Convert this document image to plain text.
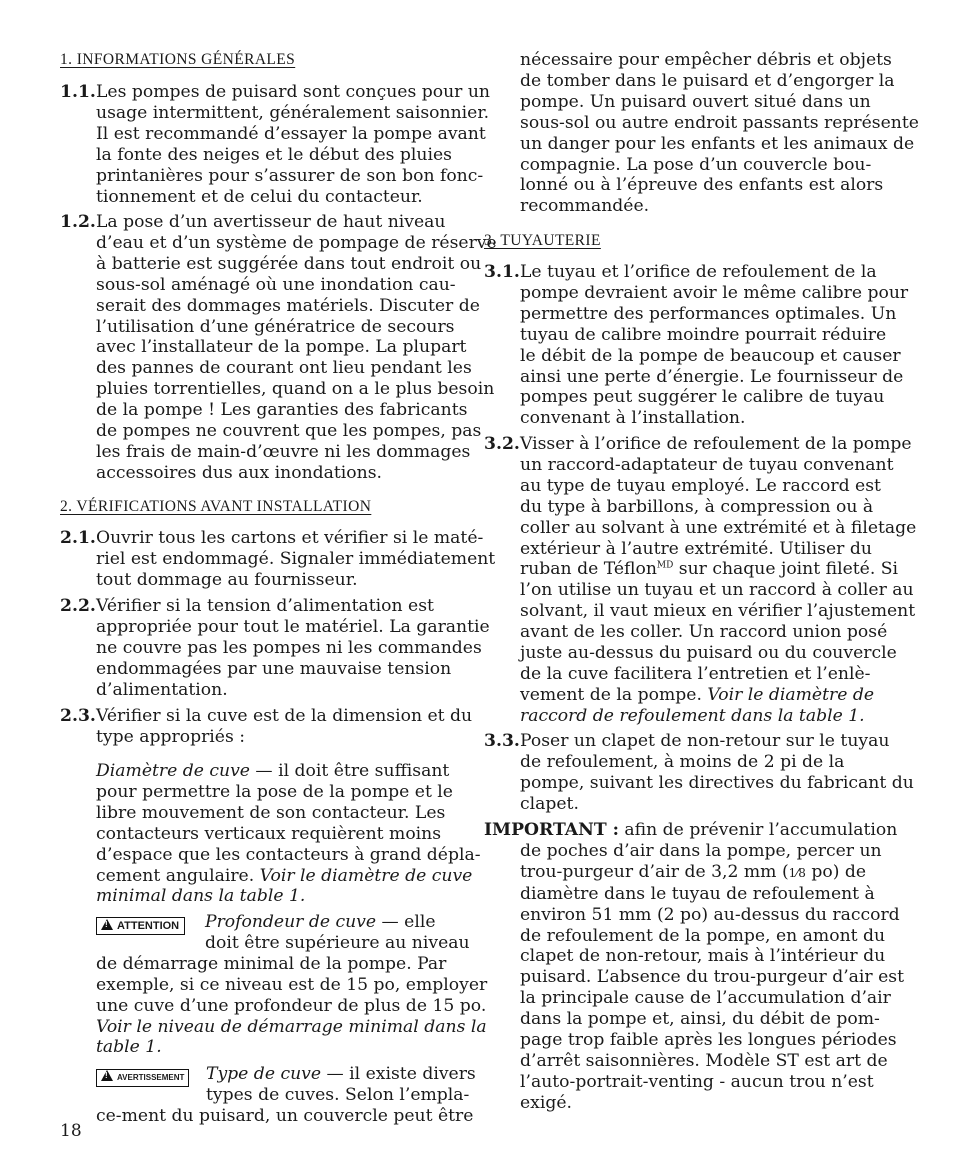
1. INFORMATIONS GÉNÉRALES
1.1. Les pompes de puisard sont conçues pour un
usage intermittent, généralement saisonnier.
Il est recommandé d’essayer la pompe avant
la fonte des neiges et le début des pluies
printanières pour s’assurer de son bon fonc-
tionnement et de celui du contacteur.
1.2. La pose d’un avertisseur de haut niveau
d’eau et d’un système de pompage de réserve
à batterie est suggérée dans tout endroit ou
sous-sol aménagé où une inondation cau-
serait des dommages matériels. Discuter de
l’utilisation d’une génératrice de secours
avec l’installateur de la pompe. La plupart
des pannes de courant ont lieu pendant les
pluies torrentielles, quand on a le plus besoin
de la pompe ! Les garanties des fabricants
de pompes ne couvrent que les pompes, pas
les frais de main-d’œuvre ni les dommages
accessoires dus aux inondations.
2. VÉRIFICATIONS AVANT INSTALLATION
2.1. Ouvrir tous les cartons et vérifier si le maté-
riel est endommagé. Signaler immédiatement
tout dommage au fournisseur.
2.2. Vérifier si la tension d’alimentation est
appropriée pour tout le matériel. La garantie
ne couvre pas les pompes ni les commandes
endommagées par une mauvaise tension
d’alimentation.
2.3. Vérifier si la cuve est de la dimension et du
type appropriés :
Diamètre de cuve — il doit être suffisant
pour permettre la pose de la pompe et le
libre mouvement de son contacteur. Les
contacteurs verticaux requièrent moins
d’espace que les contacteurs à grand dépla-
cement angulaire. Voir le diamètre de cuve
minimal dans la table 1.
!ATTENTION	Profondeur de cuve — elle
doit être supérieure au niveau
de démarrage minimal de la pompe. Par
exemple, si ce niveau est de 15 po, employer
une cuve d’une profondeur de plus de 15 po.
Voir le niveau de démarrage minimal dans la
table 1.
!AVERTISSEMENT Type de cuve — il existe divers
types de cuves. Selon l’empla-
ce-ment du puisard, un couvercle peut être
nécessaire pour empêcher débris et objets
de tomber dans le puisard et d’engorger la
pompe. Un puisard ouvert situé dans un
sous-sol ou autre endroit passants représente
un danger pour les enfants et les animaux de
compagnie. La pose d’un couvercle bou-
lonné ou à l’épreuve des enfants est alors
recommandée.
3. TUYAUTERIE
3.1. Le tuyau et l’orifice de refoulement de la
pompe devraient avoir le même calibre pour
permettre des performances optimales. Un
tuyau de calibre moindre pourrait réduire
le débit de la pompe de beaucoup et causer
ainsi une perte d’énergie. Le fournisseur de
pompes peut suggérer le calibre de tuyau
convenant à l’installation.
3.2. Visser à l’orifice de refoulement de la pompe
un raccord-adaptateur de tuyau convenant
au type de tuyau employé. Le raccord est
du type à barbillons, à compression ou à
coller au solvant à une extrémité et à filetage
extérieur à l’autre extrémité. Utiliser du
ruban de Téflon$^{MD}$ sur chaque joint fileté. Si
l’on utilise un tuyau et un raccord à coller au
solvant, il vaut mieux en vérifier l’ajustement
avant de les coller. Un raccord union posé
juste au-dessus du puisard ou du couvercle
de la cuve facilitera l’entretien et l’enlè-
vement de la pompe. Voir le diamètre de
raccord de refoulement dans la table 1.
3.3. Poser un clapet de non-retour sur le tuyau
de refoulement, à moins de 2 pi de la
pompe, suivant les directives du fabricant du
clapet.
IMPORTANT : afin de prévenir l’accumulation
de poches d’air dans la pompe, percer un
trou-purgeur d’air de 3,2 mm (1⁄8 po) de
diamètre dans le tuyau de refoulement à
environ 51 mm (2 po) au-dessus du raccord
de refoulement de la pompe, en amont du
clapet de non-retour, mais à l’intérieur du
puisard. L’absence du trou-purgeur d’air est
la principale cause de l’accumulation d’air
dans la pompe et, ainsi, du débit de pom-
page trop faible après les longues périodes
d’arrêt saisonnières. Modèle ST est art de
l’auto-portrait-venting - aucun trou n’est
exigé.
18
